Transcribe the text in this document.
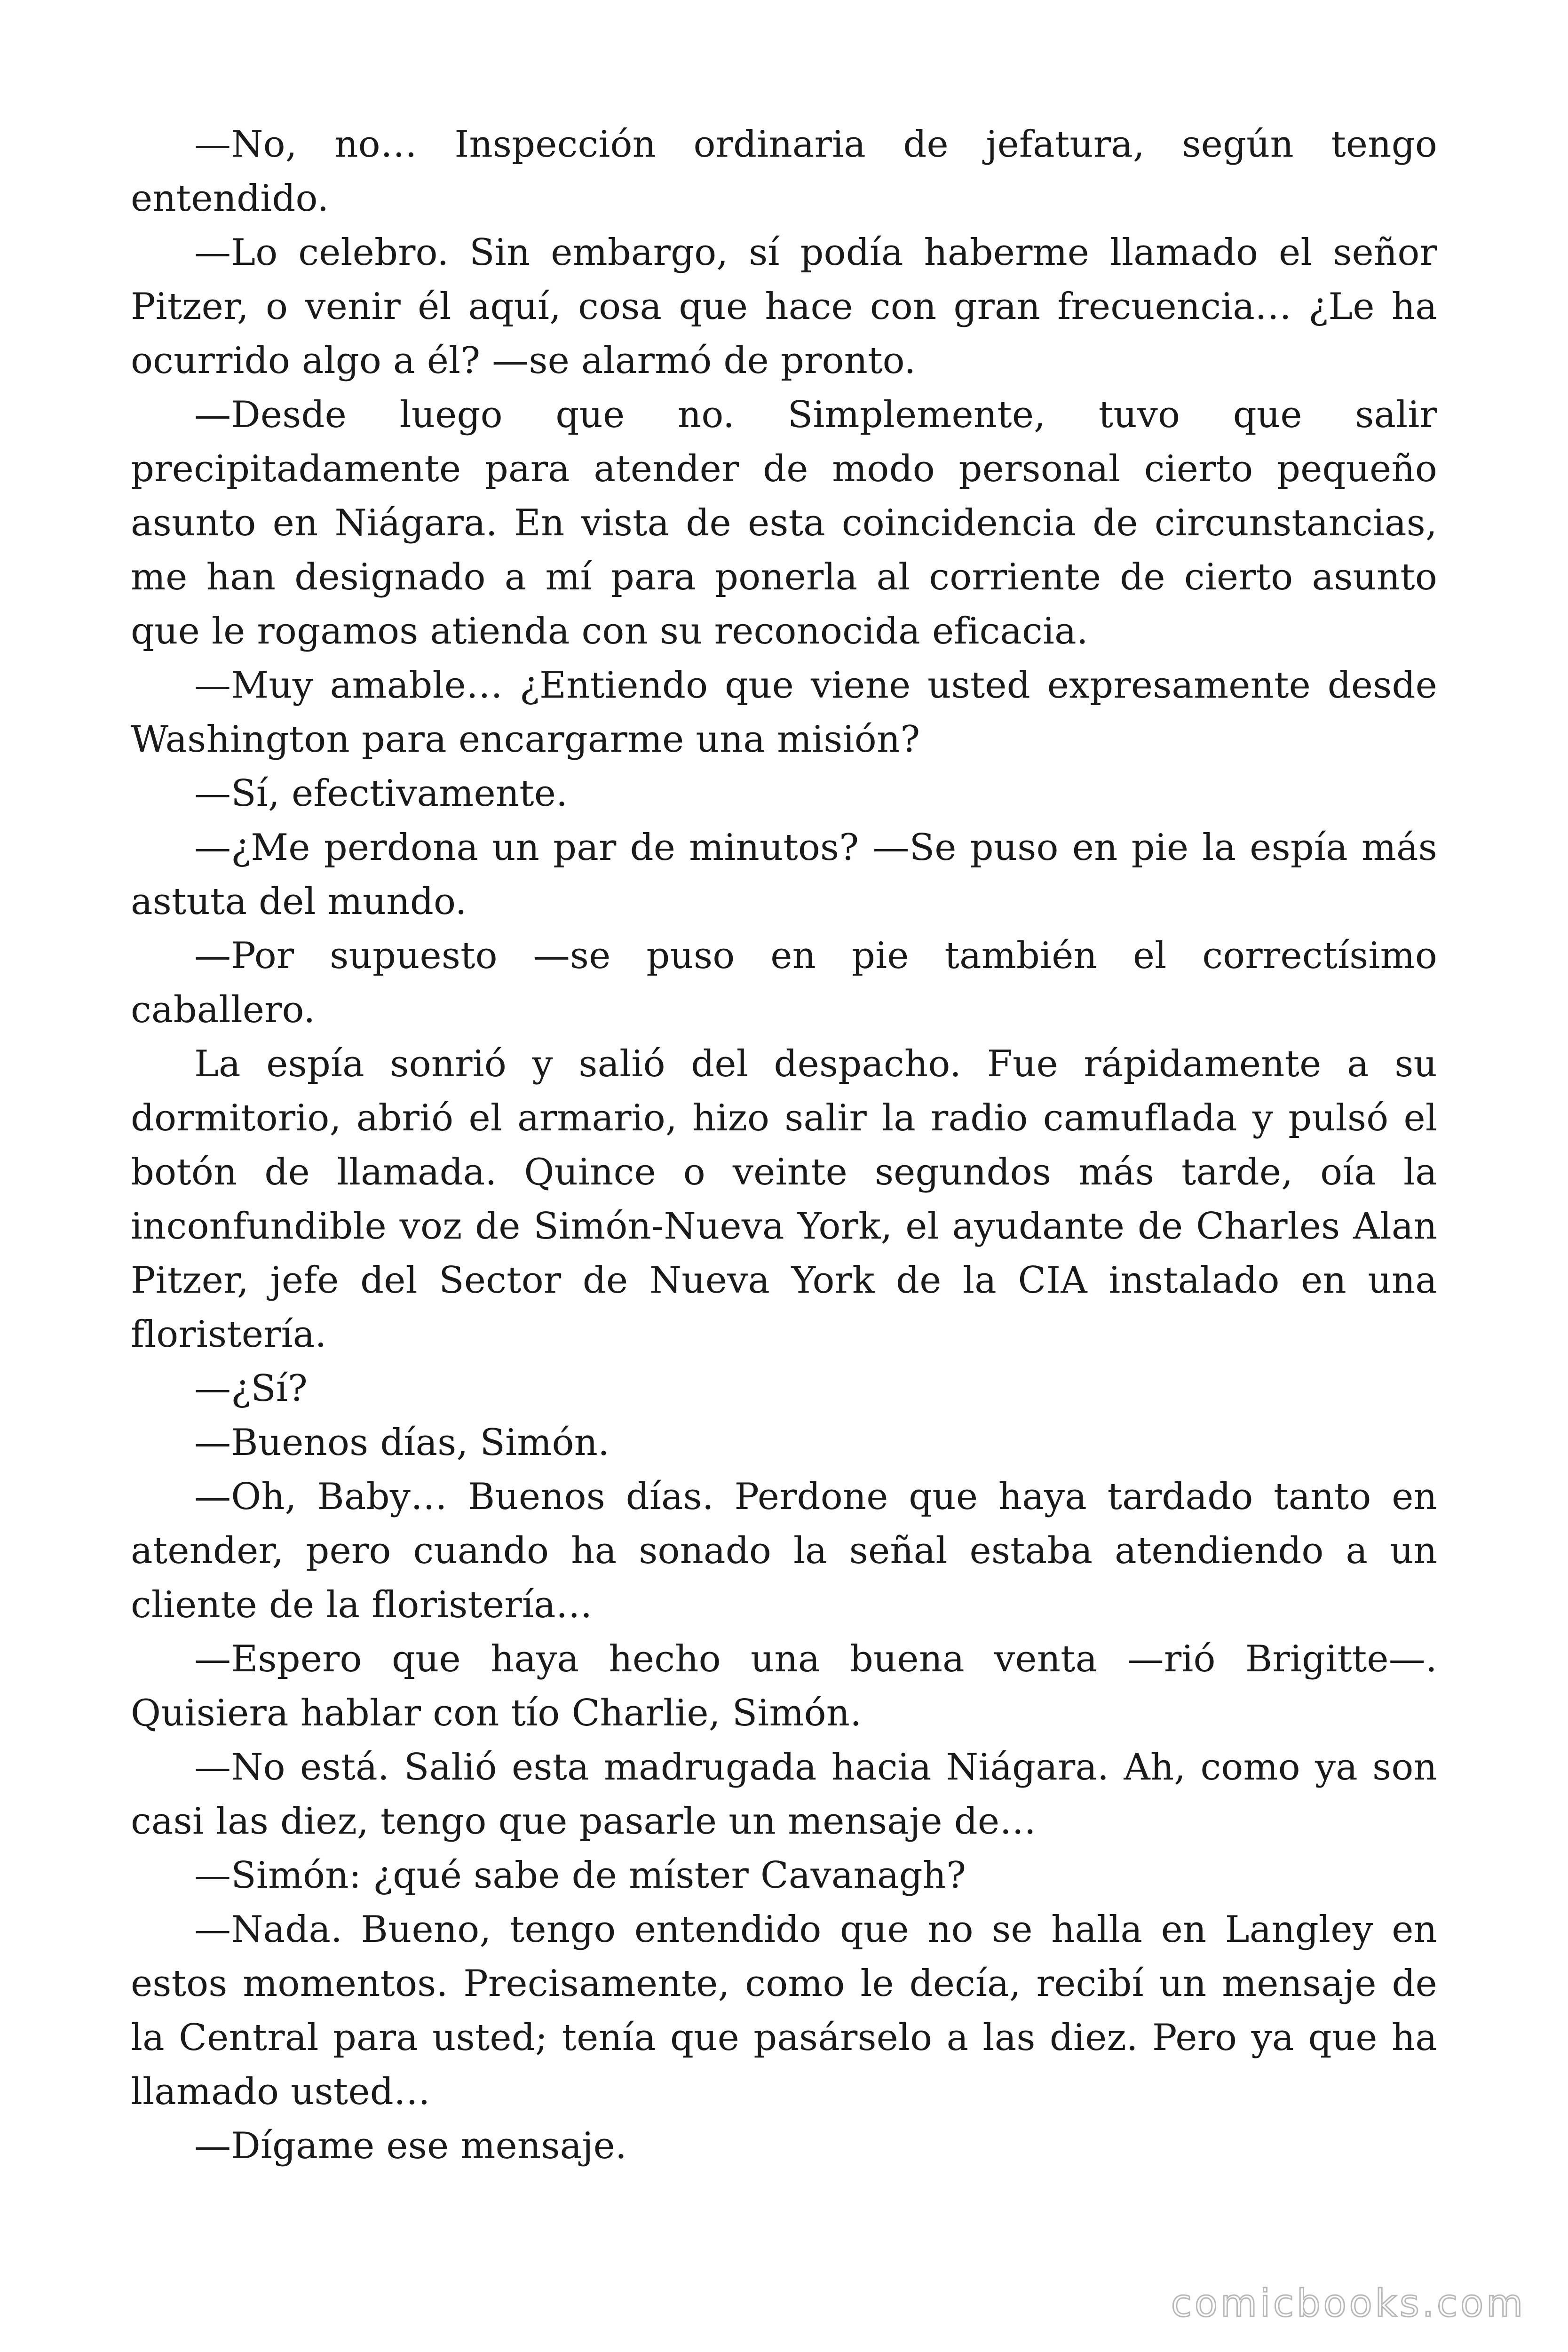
—No, no… Inspección ordinaria de jefatura, según tengo entendido.

—Lo celebro. Sin embargo, sí podía haberme llamado el señor Pitzer, o venir él aquí, cosa que hace con gran frecuencia… ¿Le ha ocurrido algo a él? —se alarmó de pronto.

—Desde luego que no. Simplemente, tuvo que salir precipitadamente para atender de modo personal cierto pequeño asunto en Niágara. En vista de esta coincidencia de circunstancias, me han designado a mí para ponerla al corriente de cierto asunto que le rogamos atienda con su reconocida eficacia.

—Muy amable… ¿Entiendo que viene usted expresamente desde Washington para encargarme una misión?

—Sí, efectivamente.

—¿Me perdona un par de minutos? —Se puso en pie la espía más astuta del mundo.

—Por supuesto —se puso en pie también el correctísimo caballero.

La espía sonrió y salió del despacho. Fue rápidamente a su dormitorio, abrió el armario, hizo salir la radio camuflada y pulsó el botón de llamada. Quince o veinte segundos más tarde, oía la inconfundible voz de Simón-Nueva York, el ayudante de Charles Alan Pitzer, jefe del Sector de Nueva York de la CIA instalado en una floristería.

—¿Sí?

—Buenos días, Simón.

—Oh, Baby… Buenos días. Perdone que haya tardado tanto en atender, pero cuando ha sonado la señal estaba atendiendo a un cliente de la floristería…

—Espero que haya hecho una buena venta —rió Brigitte—. Quisiera hablar con tío Charlie, Simón.

—No está. Salió esta madrugada hacia Niágara. Ah, como ya son casi las diez, tengo que pasarle un mensaje de…

—Simón: ¿qué sabe de míster Cavanagh?

—Nada. Bueno, tengo entendido que no se halla en Langley en estos momentos. Precisamente, como le decía, recibí un mensaje de la Central para usted; tenía que pasárselo a las diez. Pero ya que ha llamado usted…

—Dígame ese mensaje.

comicbooks.com
